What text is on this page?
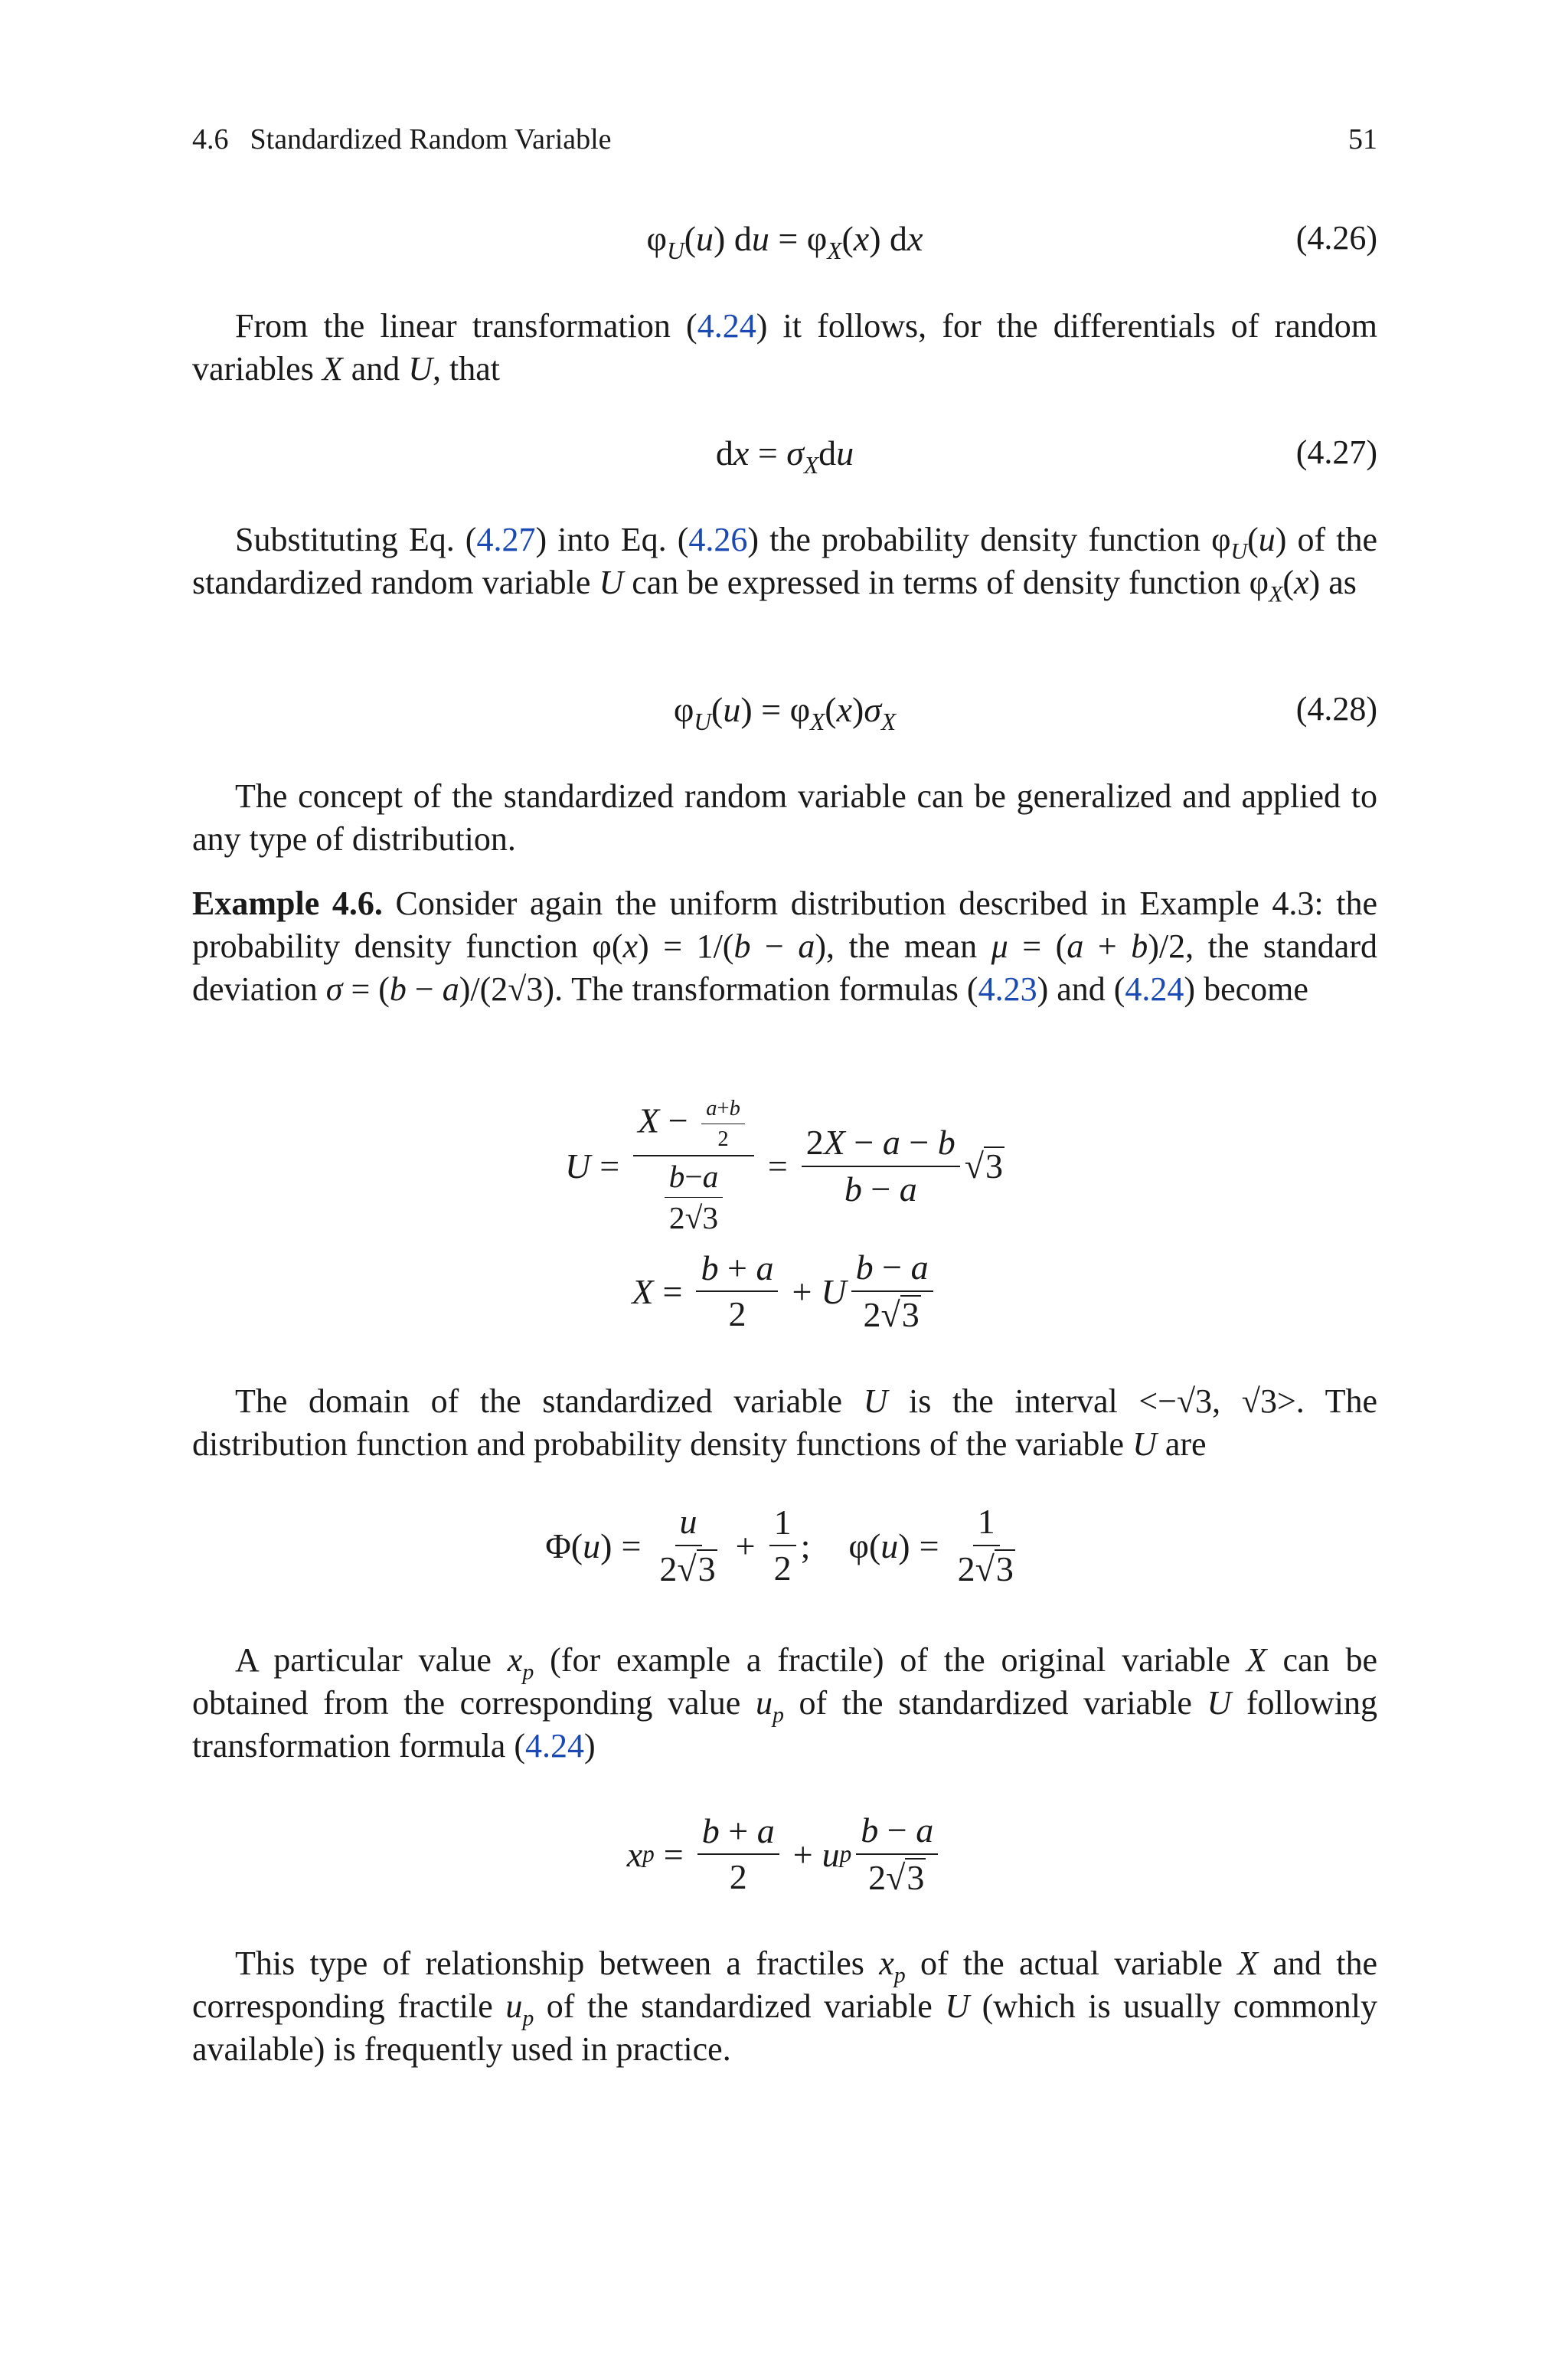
4.6 Standardized Random Variable	51
$\varphi_U(u)$ du = $\varphi_X(x)$ dx	(4.26)
From the linear transformation (4.24) it follows, for the differentials of random variables X and U, that
dx = $\sigma_Xdu$	(4.27)
Substituting Eq. (4.27) into Eq. (4.26) the probability density function $\varphi_U(u)$ of the standardized random variable U can be expressed in terms of density function $\varphi_X(x)$ as
$\varphi_U(u) = \varphi_X(x)\sigma_X$	(4.28)
The concept of the standardized random variable can be generalized and applied to any type of distribution.
Example 4.6. Consider again the uniform distribution described in Example 4.3: the probability density function φ(x) = 1/(b − a), the mean μ = (a + b)/2, the standard deviation σ = (b − a)/(2√3). The transformation formulas (4.23) and (4.24) become
$U = \frac{X - \frac{a+b}{2}}{\frac{b-a}{2√3}} = \frac{2X - a - b}{b - a} √3$
$X = \frac{b + a}{2} + U \frac{b - a}{2√3}$
The domain of the standardized variable U is the interval <−√3, √3>. The distribution function and probability density functions of the variable U are
Φ( u ) = $\frac{u}{2√3} + \frac{1}{2}$ ;
φ( u ) = $\frac{1}{2√3}$
A particular value $x_p$ (for example a fractile) of the original variable X can be obtained from the corresponding value $u_p$ of the standardized variable U following transformation formula (4.24)
x $p = \frac{b + a}{2} + u$ p $\frac{b - a}{2√3}$
This type of relationship between a fractiles $x_p$ of the actual variable X and the corresponding fractile $u_p$ of the standardized variable U (which is usually commonly available) is frequently used in practice.
